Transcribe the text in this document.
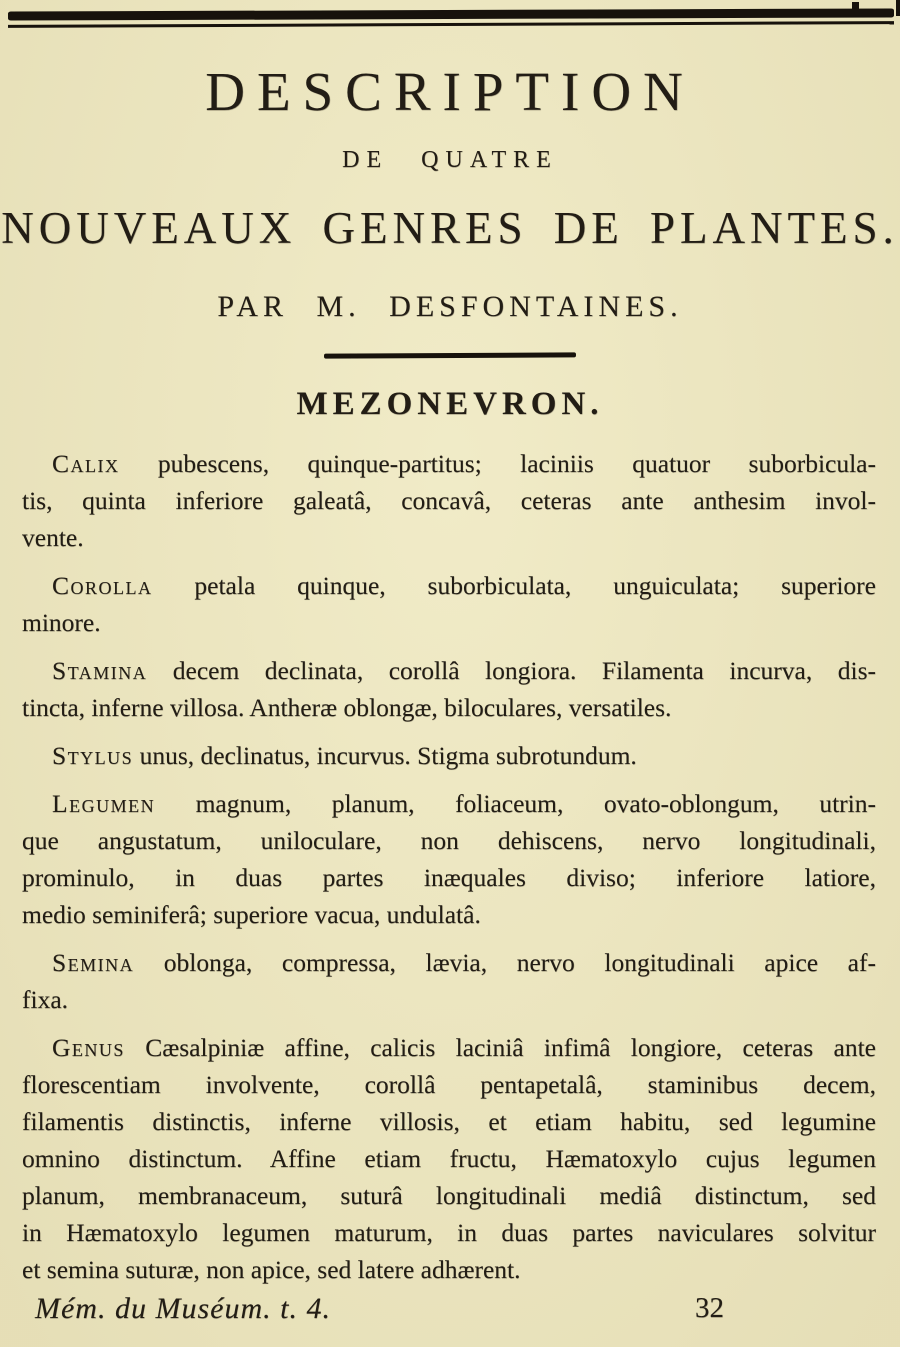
DESCRIPTION
DE QUATRE
NOUVEAUX GENRES DE PLANTES.
PAR M. DESFONTAINES.
MEZONEVRON.

Calix pubescens, quinque-partitus; laciniis quatuor suborbicula-
tis, quinta inferiore galeatâ, concavâ, ceteras ante anthesim invol-
vente.

Corolla petala quinque, suborbiculata, unguiculata; superiore
minore.

Stamina decem declinata, corollâ longiora. Filamenta incurva, dis-
tincta, inferne villosa. Antheræ oblongæ, biloculares, versatiles.

Stylus unus, declinatus, incurvus. Stigma subrotundum.

Legumen magnum, planum, foliaceum, ovato-oblongum, utrin-
que angustatum, uniloculare, non dehiscens, nervo longitudinali,
prominulo, in duas partes inæquales diviso; inferiore latiore,
medio seminiferâ; superiore vacua, undulatâ.

Semina oblonga, compressa, lævia, nervo longitudinali apice af-
fixa.

Genus Cæsalpiniæ affine, calicis laciniâ infimâ longiore, ceteras ante
florescentiam involvente, corollâ pentapetalâ, staminibus decem,
filamentis distinctis, inferne villosis, et etiam habitu, sed legumine
omnino distinctum. Affine etiam fructu, Hæmatoxylo cujus legumen
planum, membranaceum, suturâ longitudinali mediâ distinctum, sed
in Hæmatoxylo legumen maturum, in duas partes naviculares solvitur
et semina suturæ, non apice, sed latere adhærent.

Mém. du Muséum. t. 4.	32
